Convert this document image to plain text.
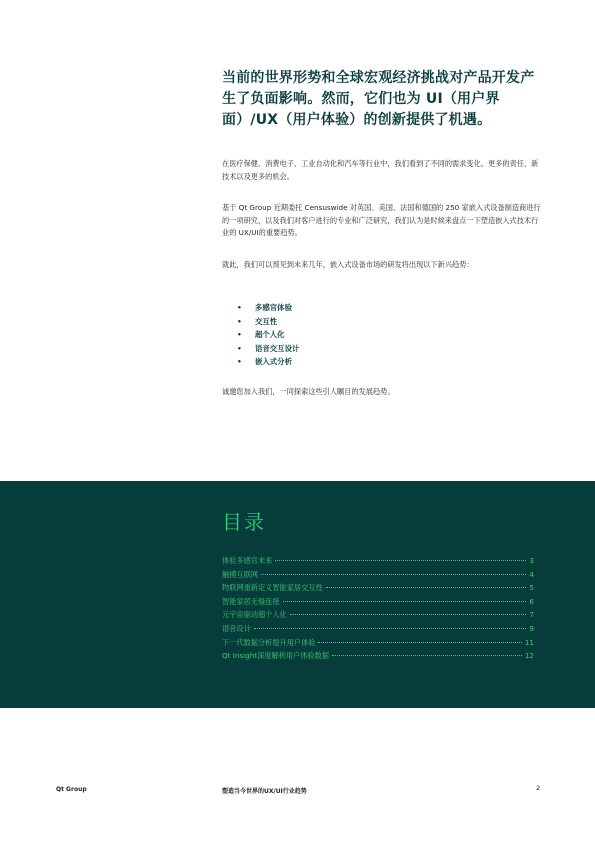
当前的世界形势和全球宏观经济挑战对产品开发产生了负面影响。然而，它们也为 UI（用户界面）/UX（用户体验）的创新提供了机遇。

在医疗保健、消费电子、工业自动化和汽车等行业中，我们看到了不同的需求变化、更多的责任、新技术以及更多的机会。

基于 Qt Group 近期委托 Censuswide 对英国、美国、法国和德国的 250 家嵌入式设备制造商进行的一项研究，以及我们对客户进行的专业和广泛研究，我们认为是时候来盘点一下塑造嵌入式技术行业的 UX/UI的重要趋势。

就此，我们可以预见到未来几年，嵌入式设备市场的研发将出现以下新兴趋势：

•	多感官体验
•	交互性
•	超个人化
•	语音交互设计
•	嵌入式分析

诚邀您加入我们，一同探索这些引人瞩目的发展趋势。

目录
体验多感官未来	3
触摸互联网	4
物联网重新定义智能家居交互性	5
智能家居无缝连接	6
元宇宙驱动超个人化	7
语音设计	9
下一代数据分析提升用户体验	11
Qt Insight深度解析用户体验数据	12
Qt Group	塑造当今世界的UX/UI行业趋势	2
